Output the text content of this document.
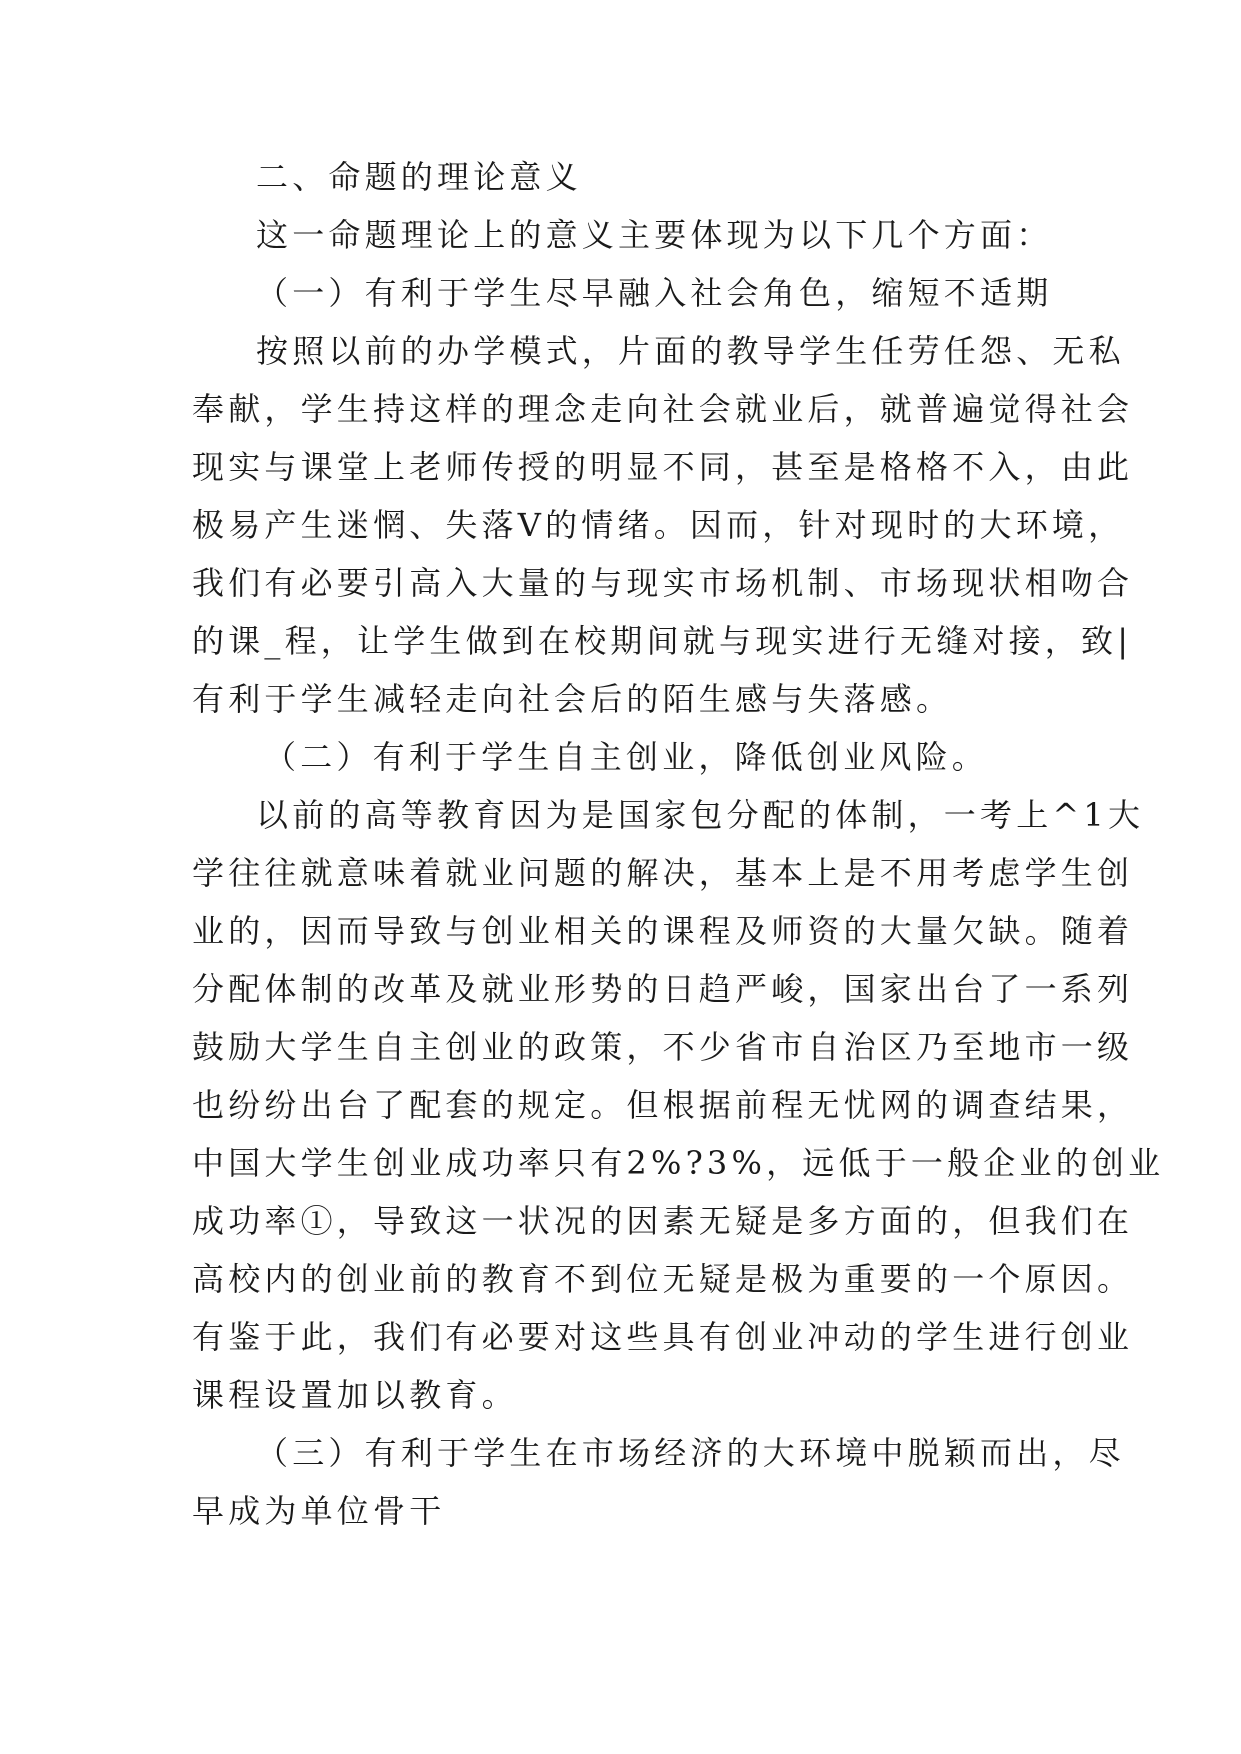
二、命题的理论意义
这一命题理论上的意义主要体现为以下几个方面：
（一）有利于学生尽早融入社会角色，缩短不适期
按照以前的办学模式，片面的教导学生任劳任怨、无私
奉献，学生持这样的理念走向社会就业后，就普遍觉得社会
现实与课堂上老师传授的明显不同，甚至是格格不入，由此
极易产生迷惘、失落V的情绪。因而，针对现时的大环境，
我们有必要引高入大量的与现实市场机制、市场现状相吻合
的课_程，让学生做到在校期间就与现实进行无缝对接，致|
有利于学生减轻走向社会后的陌生感与失落感。
（二）有利于学生自主创业，降低创业风险。
以前的高等教育因为是国家包分配的体制，一考上^1大
学往往就意味着就业问题的解决，基本上是不用考虑学生创
业的，因而导致与创业相关的课程及师资的大量欠缺。随着
分配体制的改革及就业形势的日趋严峻，国家出台了一系列
鼓励大学生自主创业的政策，不少省市自治区乃至地市一级
也纷纷出台了配套的规定。但根据前程无忧网的调查结果，
中国大学生创业成功率只有2%?3%，远低于一般企业的创业
成功率①，导致这一状况的因素无疑是多方面的，但我们在
高校内的创业前的教育不到位无疑是极为重要的一个原因。
有鉴于此，我们有必要对这些具有创业冲动的学生进行创业
课程设置加以教育。
（三）有利于学生在市场经济的大环境中脱颖而出，尽
早成为单位骨干
